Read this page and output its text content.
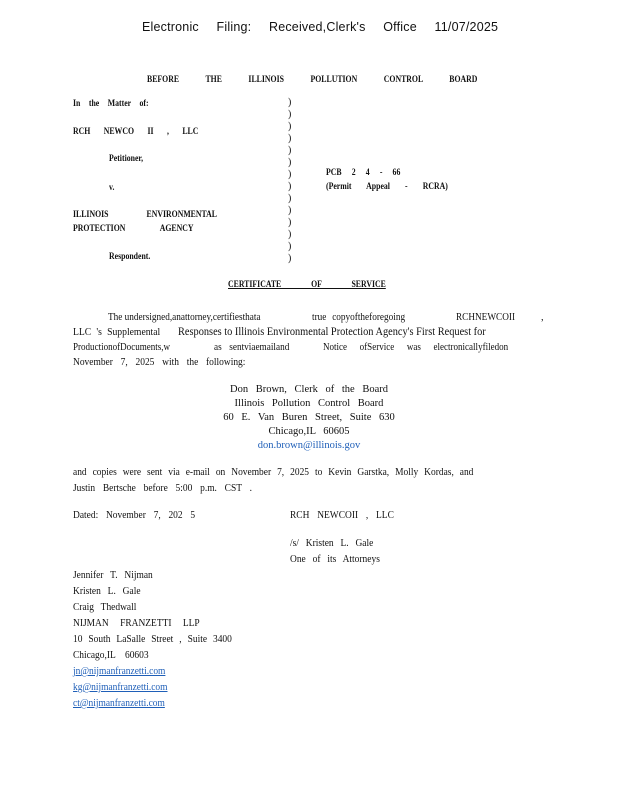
Electronic Filing: Received,Clerk's Office 11/07/2025
BEFORE THE ILLINOIS POLLUTION CONTROL BOARD
In the Matter of:
RCH NEWCO II , LLC
Petitioner,
v.
ILLINOIS ENVIRONMENTAL
PROTECTION AGENCY
Respondent.
)
)
)
)
)
)
)
)
)
)
)
)
)
)
PCB 2 4 - 66
(Permit Appeal - RCRA)
CERTIFICATE OF SERVICE
The undersigned,anattorney,certifiesthata	true copyoftheforegoing	RCHNEWCOII ,
LLC 's Supplemental Responses to Illinois Environmental Protection Agency's First Request for
ProductionofDocuments,w	as sentviaemailand	Notice ofService was electronicallyfiledon
November 7, 2025 with the following:
Don Brown, Clerk of the Board
Illinois Pollution Control Board
60 E. Van Buren Street, Suite 630
Chicago,IL 60605
don.brown@illinois.gov
and copies were sent via e-mail on November 7, 2025 to Kevin Garstka, Molly Kordas, and
Justin Bertsche before 5:00 p.m. CST .
Dated: November 7, 202 5	RCH NEWCOII , LLC
/s/ Kristen L. Gale
One of its Attorneys
Jennifer T. Nijman
Kristen L. Gale
Craig Thedwall
NIJMAN FRANZETTI LLP
10 South LaSalle Street , Suite 3400
Chicago,IL 60603
jn@nijmanfranzetti.com
kg@nijmanfranzetti.com
ct@nijmanfranzetti.com
